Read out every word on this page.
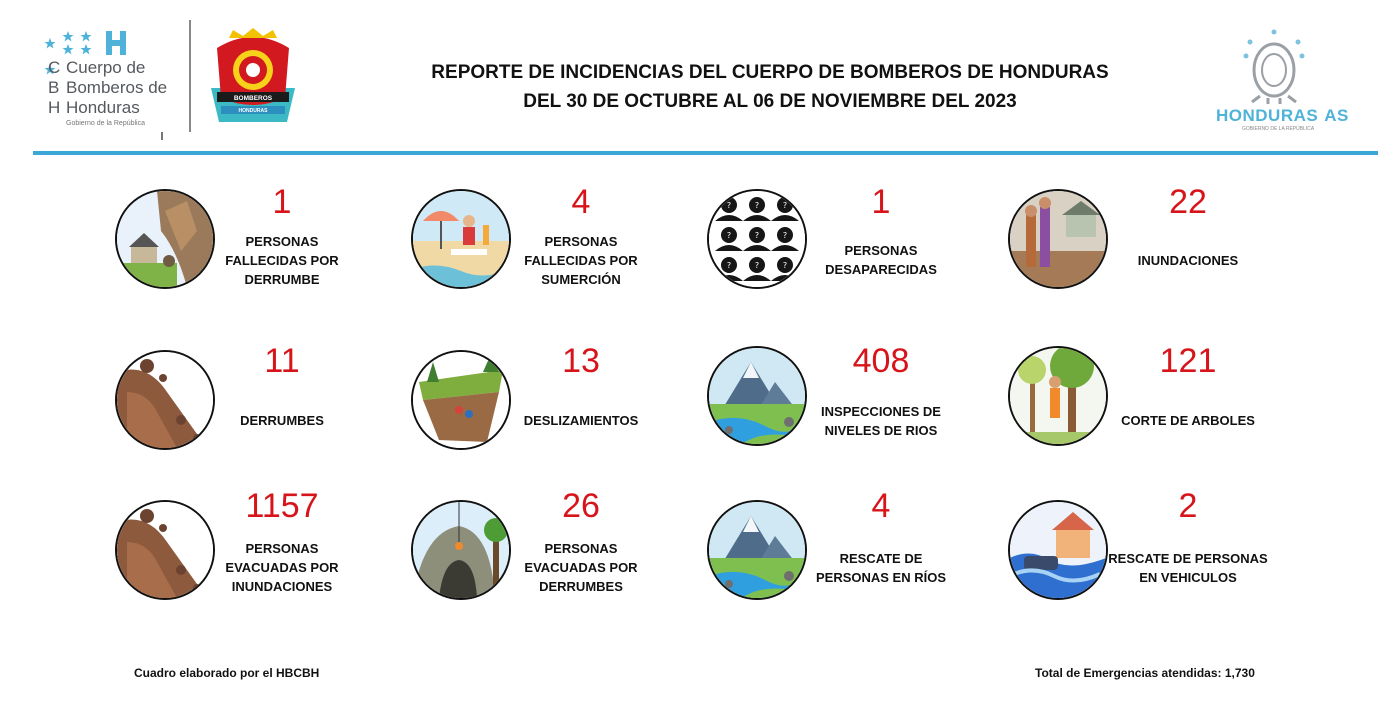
C
B
H
Cuerpo de
Bomberos de
Honduras
Gobierno de la República
BOMBEROS
HONDURAS
REPORTE DE INCIDENCIAS DEL CUERPO DE BOMBEROS DE HONDURAS
DEL 30 DE OCTUBRE AL 06 DE NOVIEMBRE DEL 2023
HONDURAS AS
GOBIERNO DE LA REPÚBLICA
1
PERSONAS
FALLECIDAS POR
DERRUMBE
4
PERSONAS
FALLECIDAS POR
SUMERCIÓN
1
PERSONAS
DESAPARECIDAS
22
INUNDACIONES
11
DERRUMBES
13
DESLIZAMIENTOS
408
INSPECCIONES DE
NIVELES DE RIOS
121
CORTE DE ARBOLES
1157
PERSONAS
EVACUADAS POR
INUNDACIONES
26
PERSONAS
EVACUADAS POR
DERRUMBES
4
RESCATE DE
PERSONAS EN RÍOS
2
RESCATE DE PERSONAS
EN VEHICULOS
Cuadro elaborado por el HBCBH	Total de Emergencias atendidas: 1,730
